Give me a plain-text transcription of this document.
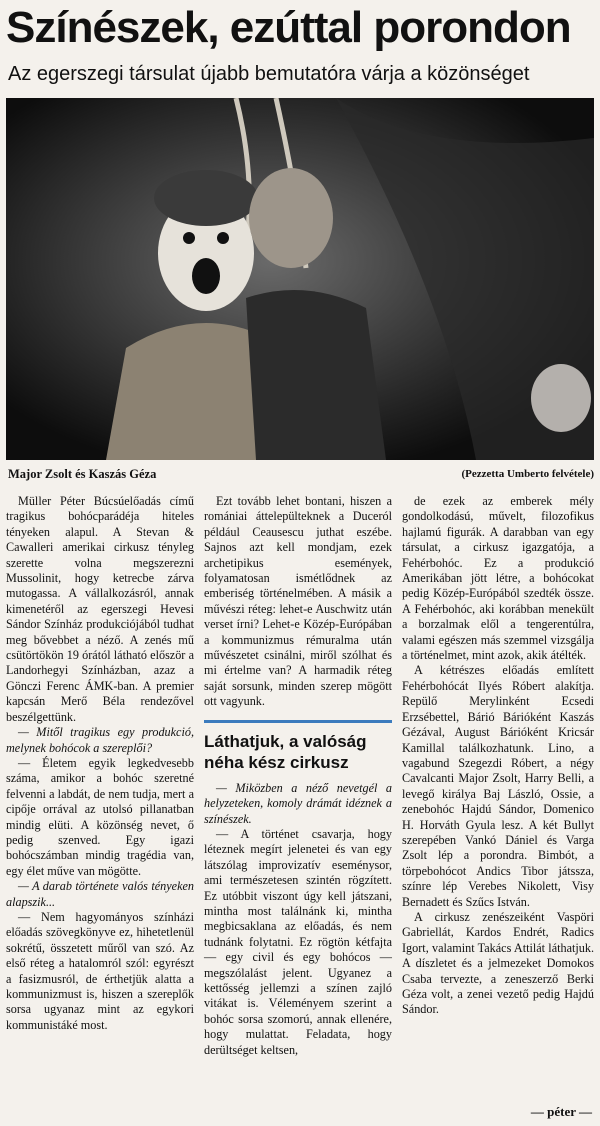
Színészek, ezúttal porondon
Az egerszegi társulat újabb bemutatóra várja a közönséget
Major Zsolt és Kaszás Géza	(Pezzetta Umberto felvétele)

Müller Péter Búcsúelőadás című tragikus bohócparádéja hiteles tényeken alapul. A Stevan & Cawalleri amerikai cirkusz tényleg szerette volna megszerezni Mussolinit, hogy ketrecbe zárva mutogassa. A vállalkozásról, annak kimenetéről az egerszegi Hevesi Sándor Színház produkciójából tudhat meg bővebbet a néző. A zenés mű csütörtökön 19 órától látható először a Landorhegyi Színházban, azaz a Gönczi Ferenc ÁMK-ban. A premier kapcsán Merő Béla rendezővel beszélgettünk.

— Mitől tragikus egy produkció, melynek bohócok a szereplői?

— Életem egyik legkedvesebb száma, amikor a bohóc szeretné felvenni a labdát, de nem tudja, mert a cipője orrával az utolsó pillanatban mindig elüti. A közönség nevet, ő pedig szenved. Egy igazi bohócszámban mindig tragédia van, egy élet műve van mögötte.

— A darab története valós tényeken alapszik...

— Nem hagyományos színházi előadás szövegkönyve ez, hihetetlenül sokrétű, összetett műről van szó. Az első réteg a hatalomról szól: egyrészt a fasizmusról, de érthetjük alatta a kommunizmust is, hiszen a szereplők sorsa ugyanaz mint az egykori kommunistáké most.

Ezt tovább lehet bontani, hiszen a romániai áttelepülteknek a Duceról például Ceausescu juthat eszébe. Sajnos azt kell mondjam, ezek archetipikus események, folyamatosan ismétlődnek az emberiség történelmében. A másik a művészi réteg: lehet-e Auschwitz után verset írni? Lehet-e Közép-Európában a kommunizmus rémuralma után művészetet csinálni, miről szólhat és mi értelme van? A harmadik réteg saját sorsunk, minden szerep mögött ott vagyunk.

Láthatjuk, a valóság néha kész cirkusz

— Miközben a néző nevetgél a helyzeteken, komoly drámát idéznek a színészek.

— A történet csavarja, hogy léteznek megírt jelenetei és van egy látszólag improvizatív eseménysor, ami természetesen szintén rögzített. Ez utóbbit viszont úgy kell játszani, mintha most találnánk ki, mintha megbicsaklana az előadás, és nem tudnánk folytatni. Ez rögtön kétfajta — egy civil és egy bohócos — megszólalást jelent. Ugyanez a kettősség jellemzi a színen zajló vitákat is. Véleményem szerint a bohóc sorsa szomorú, annak ellenére, hogy mulattat. Feladata, hogy derültséget keltsen,

de ezek az emberek mély gondolkodású, művelt, filozofikus hajlamú figurák. A darabban van egy társulat, a cirkusz igazgatója, a Fehérbohóc. Ez a produkció Amerikában jött létre, a bohócokat pedig Közép-Európából szedték össze. A Fehérbohóc, aki korábban menekült a borzalmak elől a tengerentúlra, valami egészen más szemmel vizsgálja a történelmet, mint azok, akik átélték.

A kétrészes előadás említett Fehérbohócát Ilyés Róbert alakítja. Repülő Merylinként Ecsedi Erzsébettel, Bárió Bárióként Kaszás Gézával, August Bárióként Kricsár Kamillal találkozhatunk. Lino, a vagabund Szegezdi Róbert, a négy Cavalcanti Major Zsolt, Harry Belli, a levegő királya Baj László, Ossie, a zenebohóc Hajdú Sándor, Domenico H. Horváth Gyula lesz. A két Bullyt szerepében Vankó Dániel és Varga Zsolt lép a porondra. Bimbót, a törpebohócot Andics Tibor játssza, színre lép Verebes Nikolett, Visy Bernadett és Szűcs István.

A cirkusz zenészeiként Vaspöri Gabriellát, Kardos Endrét, Radics Igort, valamint Takács Attilát láthatjuk. A díszletet és a jelmezeket Domokos Csaba tervezte, a zeneszerző Berki Géza volt, a zenei vezető pedig Hajdú Sándor.

— péter —
